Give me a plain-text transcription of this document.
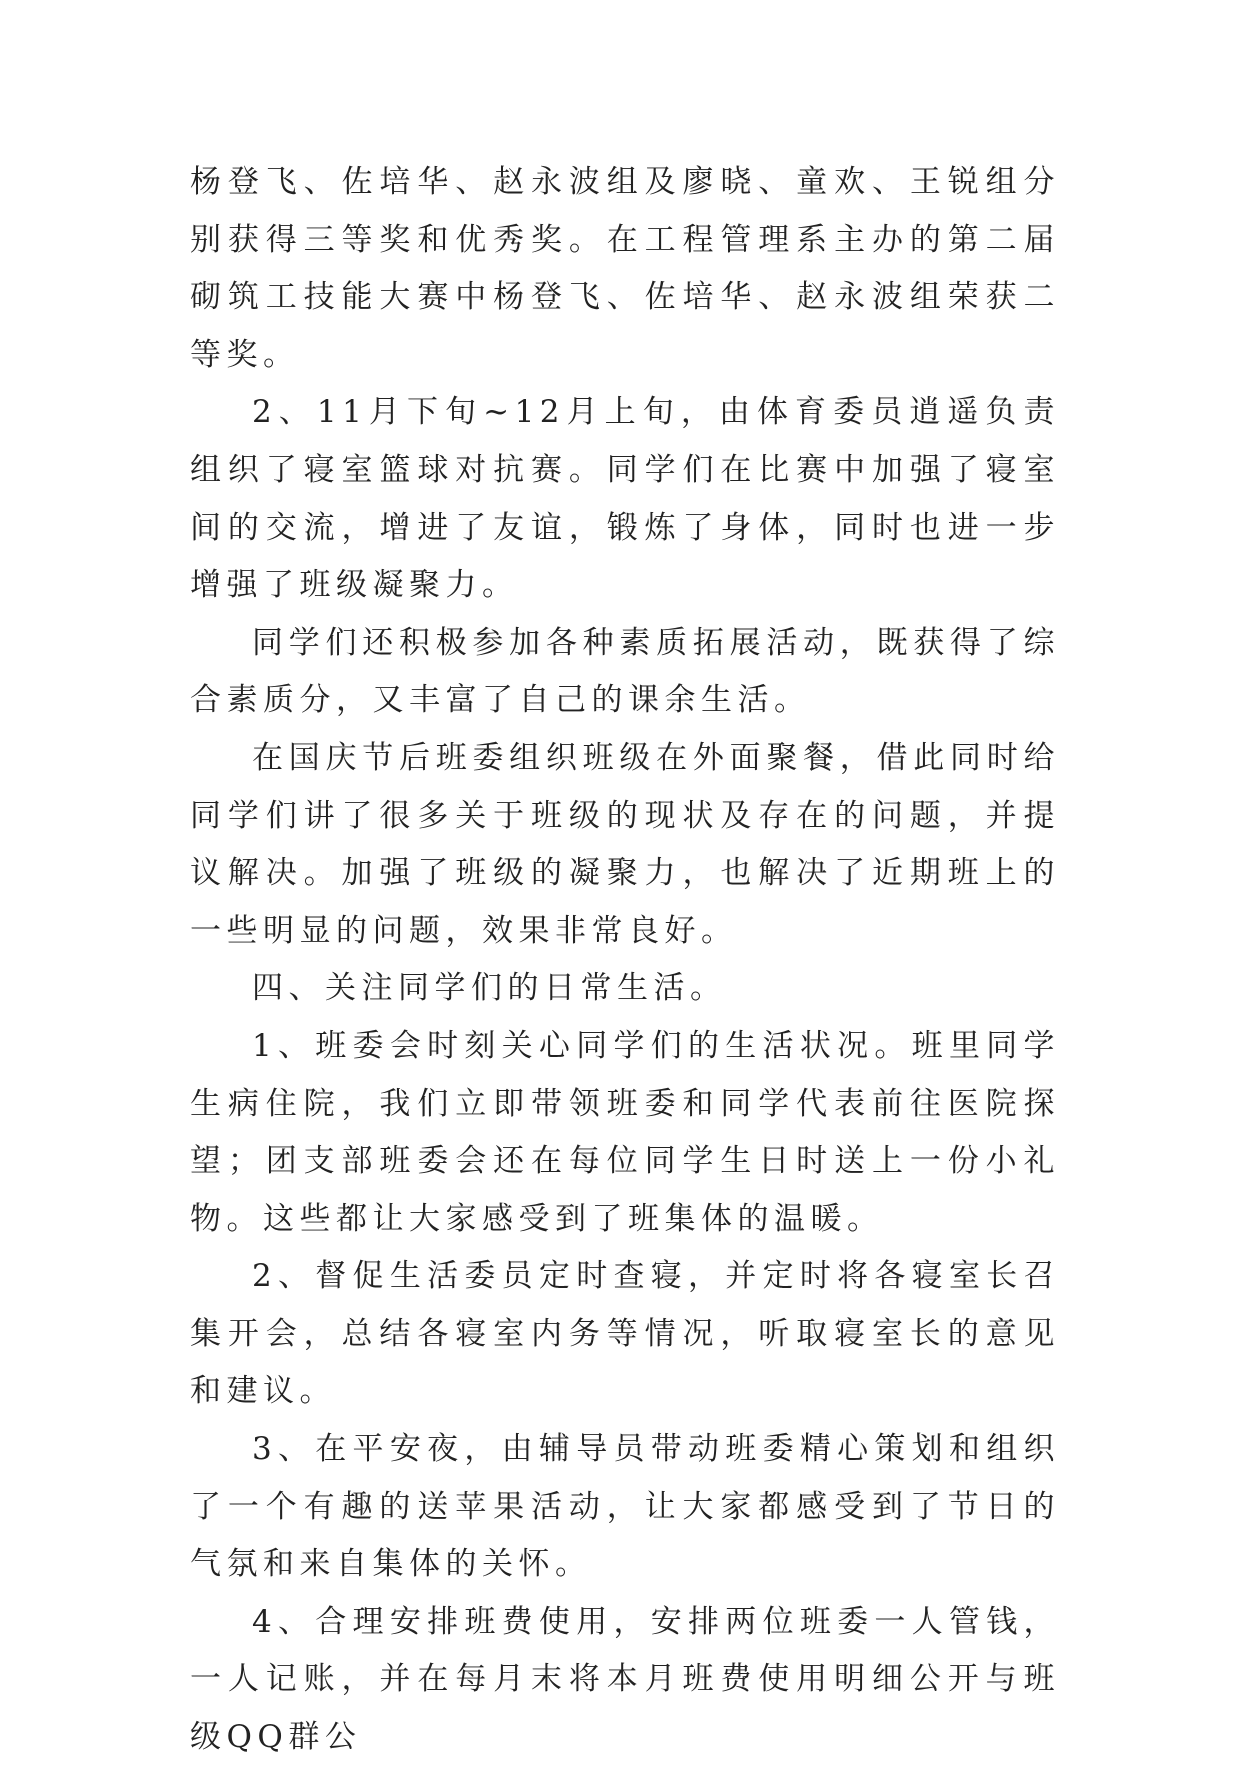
杨登飞、佐培华、赵永波组及廖晓、童欢、王锐组分别获得三等奖和优秀奖。在工程管理系主办的第二届砌筑工技能大赛中杨登飞、佐培华、赵永波组荣获二等奖。

2、11月下旬~12月上旬，由体育委员逍遥负责组织了寝室篮球对抗赛。同学们在比赛中加强了寝室间的交流，增进了友谊，锻炼了身体，同时也进一步增强了班级凝聚力。

同学们还积极参加各种素质拓展活动，既获得了综合素质分，又丰富了自己的课余生活。

在国庆节后班委组织班级在外面聚餐，借此同时给同学们讲了很多关于班级的现状及存在的问题，并提议解决。加强了班级的凝聚力，也解决了近期班上的一些明显的问题，效果非常良好。

四、关注同学们的日常生活。

1、班委会时刻关心同学们的生活状况。班里同学生病住院，我们立即带领班委和同学代表前往医院探望；团支部班委会还在每位同学生日时送上一份小礼物。这些都让大家感受到了班集体的温暖。

2、督促生活委员定时查寝，并定时将各寝室长召集开会，总结各寝室内务等情况，听取寝室长的意见和建议。

3、在平安夜，由辅导员带动班委精心策划和组织了一个有趣的送苹果活动，让大家都感受到了节日的气氛和来自集体的关怀。

4、合理安排班费使用，安排两位班委一人管钱，一人记账，并在每月末将本月班费使用明细公开与班级QQ群公
